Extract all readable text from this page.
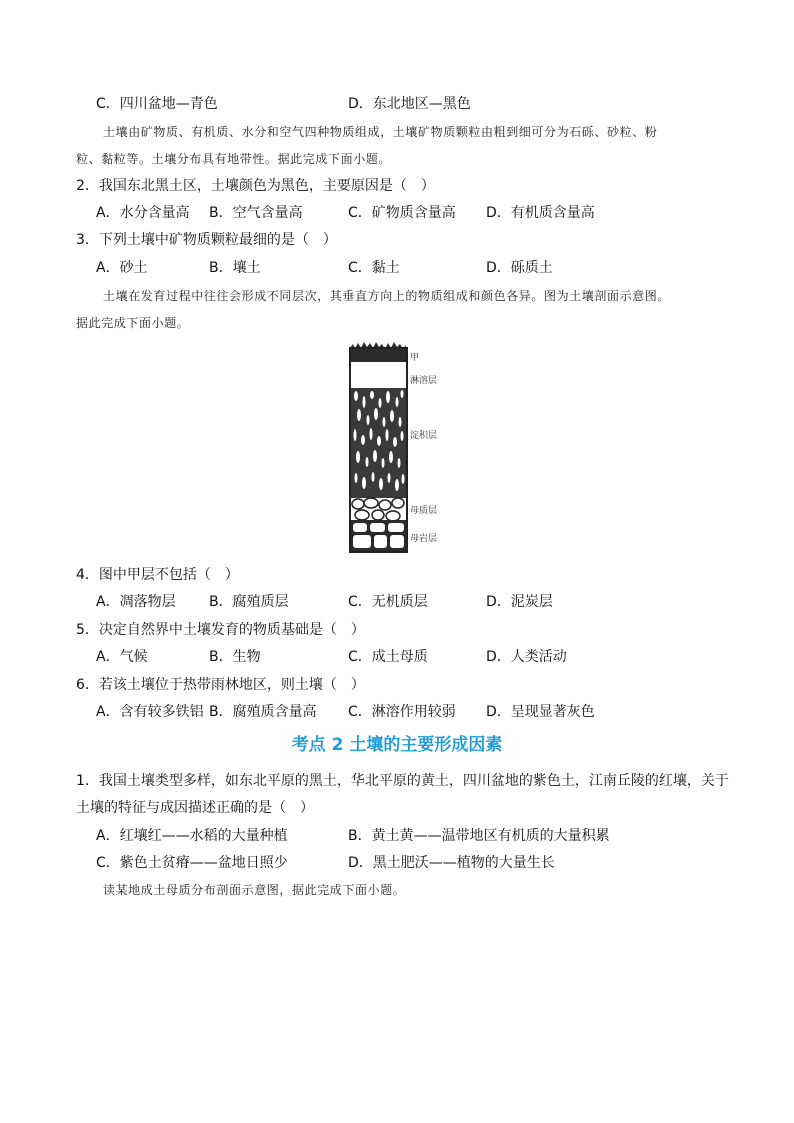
C．四川盆地—青色	D．东北地区—黑色
土壤由矿物质、有机质、水分和空气四种物质组成，土壤矿物质颗粒由粗到细可分为石砾、砂粒、粉
粒、黏粒等。土壤分布具有地带性。据此完成下面小题。
2．我国东北黑土区，土壤颜色为黑色，主要原因是（　）
A．水分含量高 B．空气含量高	C．矿物质含量高 D．有机质含量高
3．下列土壤中矿物质颗粒最细的是（　）
A．砂土	B．壤土	C．黏土	D．砾质土
土壤在发育过程中往往会形成不同层次，其垂直方向上的物质组成和颜色各异。图为土壤剖面示意图。
据此完成下面小题。
甲
淋溶层
淀积层
母质层
母岩层
4．图中甲层不包括（　）
A．凋落物层 B．腐殖质层	C．无机质层	D．泥炭层
5．决定自然界中土壤发育的物质基础是（　）
A．气候	B．生物	C．成土母质	D．人类活动
6．若该土壤位于热带雨林地区，则土壤（　）
A．含有较多铁铝 B．腐殖质含量高 C．淋溶作用较弱 D．呈现显著灰色
考点 2 土壤的主要形成因素
1．我国土壤类型多样，如东北平原的黑土，华北平原的黄土，四川盆地的紫色土，江南丘陵的红壤，关于
土壤的特征与成因描述正确的是（　）
A．红壤红——水稻的大量种植	B．黄土黄——温带地区有机质的大量积累
C．紫色土贫瘠——盆地日照少	D．黑土肥沃——植物的大量生长
读某地成土母质分布剖面示意图，据此完成下面小题。
